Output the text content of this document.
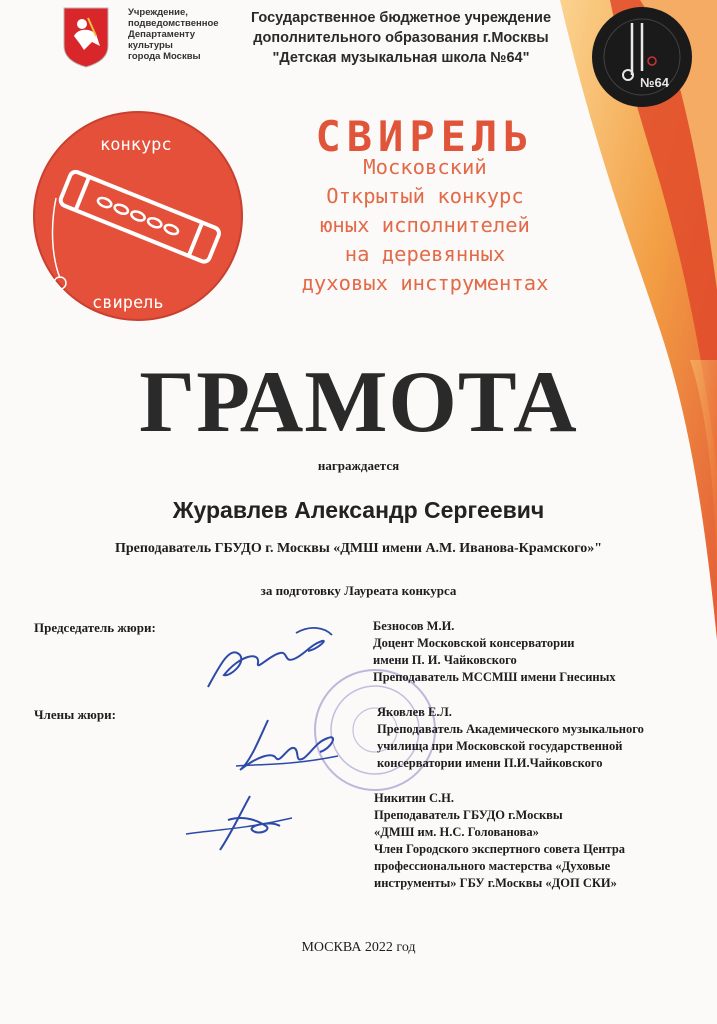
Учреждение,
подведомственное
Департаменту
культуры
города Москвы
Государственное бюджетное учреждение
дополнительного образования г.Москвы
"Детская музыкальная школа №64"
№64
конкурс
свирель
СВИРЕЛЬ
Московский
Открытый конкурс
юных исполнителей
на деревянных
духовых инструментах
ГРАМОТА
награждается
Журавлев Александр Сергеевич
Преподаватель ГБУДО г. Москвы «ДМШ имени А.М. Иванова-Крамского»"
за подготовку Лауреата конкурса
Председатель жюри:
Члены жюри:
Безносов М.И.
Доцент Московской консерватории
имени П. И. Чайковского
Преподаватель МССМШ имени Гнесиных
Яковлев Е.Л.
Преподаватель Академического музыкального
училища при Московской государственной
консерватории имени П.И.Чайковского
Никитин С.Н.
Преподаватель ГБУДО г.Москвы
«ДМШ им. Н.С. Голованова»
Член Городского экспертного совета Центра
профессионального мастерства «Духовые
инструменты» ГБУ г.Москвы «ДОП СКИ»
МОСКВА 2022 год
